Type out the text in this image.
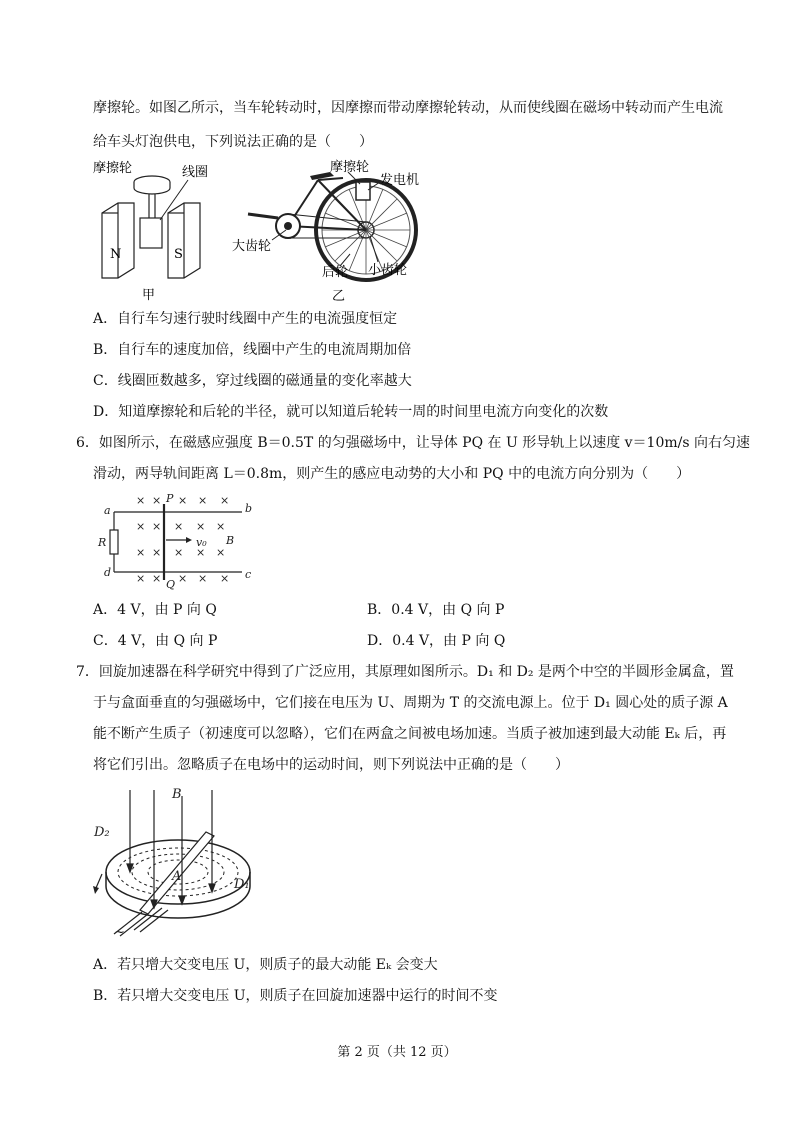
摩擦轮。如图乙所示，当车轮转动时，因摩擦而带动摩擦轮转动，从而使线圈在磁场中转动而产生电流
给车头灯泡供电，下列说法正确的是（　　）
摩擦轮	线圈
N	S
甲
摩擦轮
发电机
大齿轮
后轮 小齿轮
乙
A．自行车匀速行驶时线圈中产生的电流强度恒定
B．自行车的速度加倍，线圈中产生的电流周期加倍
C．线圈匝数越多，穿过线圈的磁通量的变化率越大
D．知道摩擦轮和后轮的半径，就可以知道后轮转一周的时间里电流方向变化的次数
6．如图所示，在磁感应强度 B＝0.5T 的匀强磁场中，让导体 PQ 在 U 形导轨上以速度 v＝10m/s 向右匀速
滑动，两导轨间距离 L＝0.8m，则产生的感应电动势的大小和 PQ 中的电流方向分别为（　　）
× × × × ×
× × × × ×
× × × × ×
× × × × ×
a	b
c
d
R
P
Q
v₀ B
A．4 V，由 P 向 Q	B．0.4 V，由 Q 向 P
C．4 V，由 Q 向 P	D．0.4 V，由 P 向 Q
7．回旋加速器在科学研究中得到了广泛应用，其原理如图所示。D₁ 和 D₂ 是两个中空的半圆形金属盒，置
于与盒面垂直的匀强磁场中，它们接在电压为 U、周期为 T 的交流电源上。位于 D₁ 圆心处的质子源 A
能不断产生质子（初速度可以忽略），它们在两盒之间被电场加速。当质子被加速到最大动能 Eₖ 后，再
将它们引出。忽略质子在电场中的运动时间，则下列说法中正确的是（　　）
B
D₂
D₁
A
~
A．若只增大交变电压 U，则质子的最大动能 Eₖ 会变大
B．若只增大交变电压 U，则质子在回旋加速器中运行的时间不变
第 2 页（共 12 页）
